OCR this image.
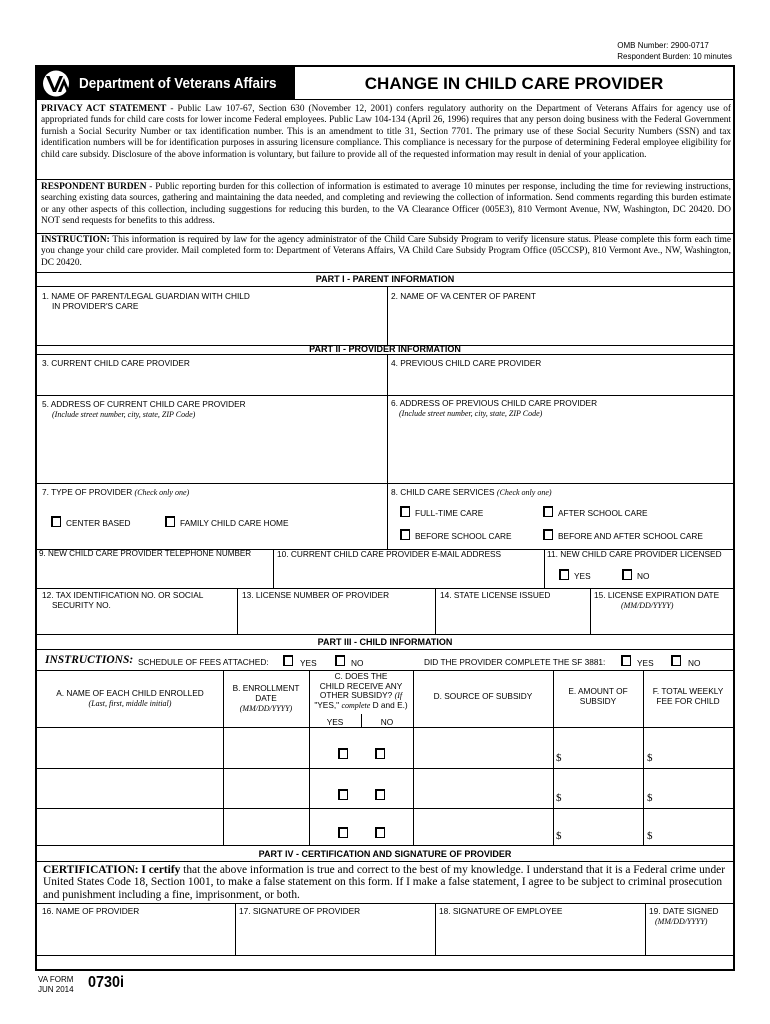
OMB Number: 2900-0717
Respondent Burden: 10 minutes
Department of Veterans Affairs	CHANGE IN CHILD CARE PROVIDER
PRIVACY ACT STATEMENT - Public Law 107-67, Section 630 (November 12, 2001) confers regulatory authority on the Department of Veterans Affairs for agency use of appropriated funds for child care costs for lower income Federal employees. Public Law 104-134 (April 26, 1996) requires that any person doing business with the Federal Government furnish a Social Security Number or tax identification number. This is an amendment to title 31, Section 7701. The primary use of these Social Security Numbers (SSN) and tax identification numbers will be for identification purposes in assuring licensure compliance. This compliance is necessary for the purpose of determining Federal employee eligibility for child care subsidy. Disclosure of the above information is voluntary, but failure to provide all of the requested information may result in denial of your application.
RESPONDENT BURDEN - Public reporting burden for this collection of information is estimated to average 10 minutes per response, including the time for reviewing instructions, searching existing data sources, gathering and maintaining the data needed, and completing and reviewing the collection of information. Send comments regarding this burden estimate or any other aspects of this collection, including suggestions for reducing this burden, to the VA Clearance Officer (005E3), 810 Vermont Avenue, NW, Washington, DC 20420. DO NOT send requests for benefits to this address.
INSTRUCTION: This information is required by law for the agency administrator of the Child Care Subsidy Program to verify licensure status. Please complete this form each time you change your child care provider. Mail completed form to: Department of Veterans Affairs, VA Child Care Subsidy Program Office (05CCSP), 810 Vermont Ave., NW, Washington, DC 20420.
PART I - PARENT INFORMATION
1. NAME OF PARENT/LEGAL GUARDIAN WITH CHILD
IN PROVIDER'S CARE
2. NAME OF VA CENTER OF PARENT
PART II - PROVIDER INFORMATION
3. CURRENT CHILD CARE PROVIDER	4. PREVIOUS CHILD CARE PROVIDER
5. ADDRESS OF CURRENT CHILD CARE PROVIDER
(Include street number, city, state, ZIP Code)
6. ADDRESS OF PREVIOUS CHILD CARE PROVIDER
(Include street number, city, state, ZIP Code)
7. TYPE OF PROVIDER (Check only one)
CENTER BASED	FAMILY CHILD CARE HOME
8. CHILD CARE SERVICES (Check only one)
FULL-TIME CARE	AFTER SCHOOL CARE
BEFORE SCHOOL CARE	BEFORE AND AFTER SCHOOL CARE
9. NEW CHILD CARE PROVIDER TELEPHONE NUMBER	10. CURRENT CHILD CARE PROVIDER E-MAIL ADDRESS	11. NEW CHILD CARE PROVIDER LICENSED
YES	NO
12. TAX IDENTIFICATION NO. OR SOCIAL
SECURITY NO.
13. LICENSE NUMBER OF PROVIDER	14. STATE LICENSE ISSUED	15. LICENSE EXPIRATION DATE
(MM/DD/YYYY)
PART III - CHILD INFORMATION
INSTRUCTIONS: SCHEDULE OF FEES ATTACHED:	YES	NO	DID THE PROVIDER COMPLETE THE SF 3881:	YES	NO
A. NAME OF EACH CHILD ENROLLED
(Last, first, middle initial)
B. ENROLLMENT
DATE
(MM/DD/YYYY)
C. DOES THE
CHILD RECEIVE ANY
OTHER SUBSIDY? (If
"YES," complete D and E.)
YES	NO
D. SOURCE OF SUBSIDY	E. AMOUNT OF
SUBSIDY
F. TOTAL WEEKLY
FEE FOR CHILD
$	$
$	$
$	$
PART IV - CERTIFICATION AND SIGNATURE OF PROVIDER
CERTIFICATION: I certify that the above information is true and correct to the best of my knowledge. I understand that it is a Federal crime under United States Code 18, Section 1001, to make a false statement on this form. If I make a false statement, I agree to be subject to criminal prosecution and punishment including a fine, imprisonment, or both.
16. NAME OF PROVIDER	17. SIGNATURE OF PROVIDER	18. SIGNATURE OF EMPLOYEE	19. DATE SIGNED
(MM/DD/YYYY)
VA FORM
JUN 2014 0730i
